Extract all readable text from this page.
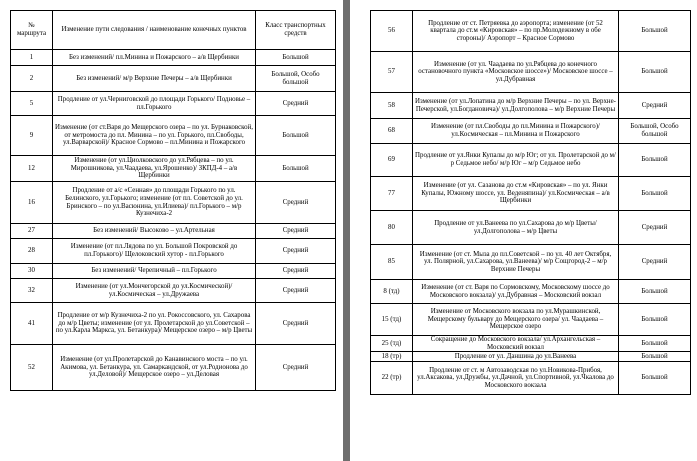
№ маршрута	Изменение пути следования / наименование конечных пунктов	Класс транспортных средств
1	Без изменений/ пл.Минина и Пожарского – а/в Щербинки	Большой
2	Без изменений/ м/р Верхние Печеры – а/в Щербинки	Большой, Особо большой
5	Продление от ул.Черниговской до площади Горького/ Подновье – пл.Горького	Средний
9	Изменение (от ст.Варя до Мещерского озера – по ул. Бурнаковской, от метромоста до пл. Минина – по ул. Горького, пл.Свободы, ул.Варварской)/ Красное Сормово – пл.Минина и Пожарского	Большой
12	Изменение (от ул.Циолковского до ул.Рябцева – по ул. Мирошникова, ул.Чаадаева, ул.Ярошенко)/ ЗКПД-4 – а/в Щербинки	Большой
16	Продление от а/с «Сенная» до площади Горького по ул. Белинского, ул.Горького; изменение (от пл. Советской до ул. Бринского – по ул.Васюнина, ул.Илиева)/ пл.Горького – м/р Кузнечиха-2	Средний
27	Без изменений/ Высоково – ул.Артельная	Средний
28	Изменение (от пл.Лядова по ул. Большой Покровской до пл.Горького)/ Щелоковский хутор - пл.Горького	Средний
30	Без изменений/ Черепичный – пл.Горького	Средний
32	Изменение (от ул.Мончегорской до ул.Космической)/ ул.Космическая – ул.Дружаева	Средний
41	Продление от м/р Кузнечиха-2 по ул. Рокоссовского, ул. Сахарова до м/р Цветы; изменение (от ул. Пролетарской до ул.Советской – по ул.Карла Маркса, ул. Бетанкура)/ Мещерское озеро – м/р Цветы	Средний
52	Изменение (от ул.Пролетарской до Канавинского моста – по ул. Акимова, ул. Бетанкура, ул. Самаркандской, от ул.Родионова до ул.Деловой)/ Мещерское озеро – ул.Деловая	Средний
56	Продление от ст. Петряевка до аэропорта; изменение (от 52 квартала до ст.м «Кировская» – по пр.Молодежному в обе стороны)/ Аэропорт – Красное Сормово	Большой
57	Изменение (от ул. Чаадаева по ул.Рябцева до конечного остановочного пункта «Московское шоссе»)/ Московское шоссе – ул.Дубравная	Большой
58	Изменение (от ул.Лопатина до м/р Верхние Печеры – по ул. Верхне-Печерской, ул.Богдановича)/ ул.Долгополова – м/р Верхние Печеры	Средний
68	Изменение (от пл.Свободы до пл.Минина и Пожарского)/ ул.Космическая – пл.Минина и Пожарского	Большой, Особо большой
69	Продление от ул.Янки Купалы до м/р Юг; от ул. Пролетарской до м/р Седьмое небо/ м/р Юг – м/р Седьмое небо	Большой
77	Изменение (от ул. Сазанова до ст.м «Кировская» – по ул. Янки Купалы, Южному шоссе, ул. Веденяпина)/ ул.Космическая – а/в Щербинки	Большой
80	Продление от ул.Ванеева по ул.Сахарова до м/р Цветы/ ул.Долгополова – м/р Цветы	Средний
85	Изменение (от ст. Мыза до пл.Советской – по ул. 40 лет Октября, ул. Полярной, ул.Сахарова, ул.Ванеева)/ м/р Сощгород-2 – м/р Верхние Печеры	Средний
8 (тд)	Изменение (от ст. Варя по Сормовскому, Московскому шоссе до Московского вокзала)/ ул.Дубравная – Московский вокзал	Большой
15 (тд)	Изменение от Московского вокзала по ул.Мурашкинской, Мещерскому бульвару до Мещерского озера/ ул. Чаадаева – Мещерское озеро	Большой
25 (тд)	Сокращение до Московского вокзала/ ул.Архангельская – Московский вокзал	Большой
18 (тр)	Продление от ул. Даншина до ул.Ванеева	Большой
22 (тр)	Продление от ст. м Автозаводская по ул.Новикова-Прибоя, ул.Аксакова, ул.Дружбы, ул.Дачной, ул.Спортивной, ул.Чкалова до Московского вокзала	Большой
